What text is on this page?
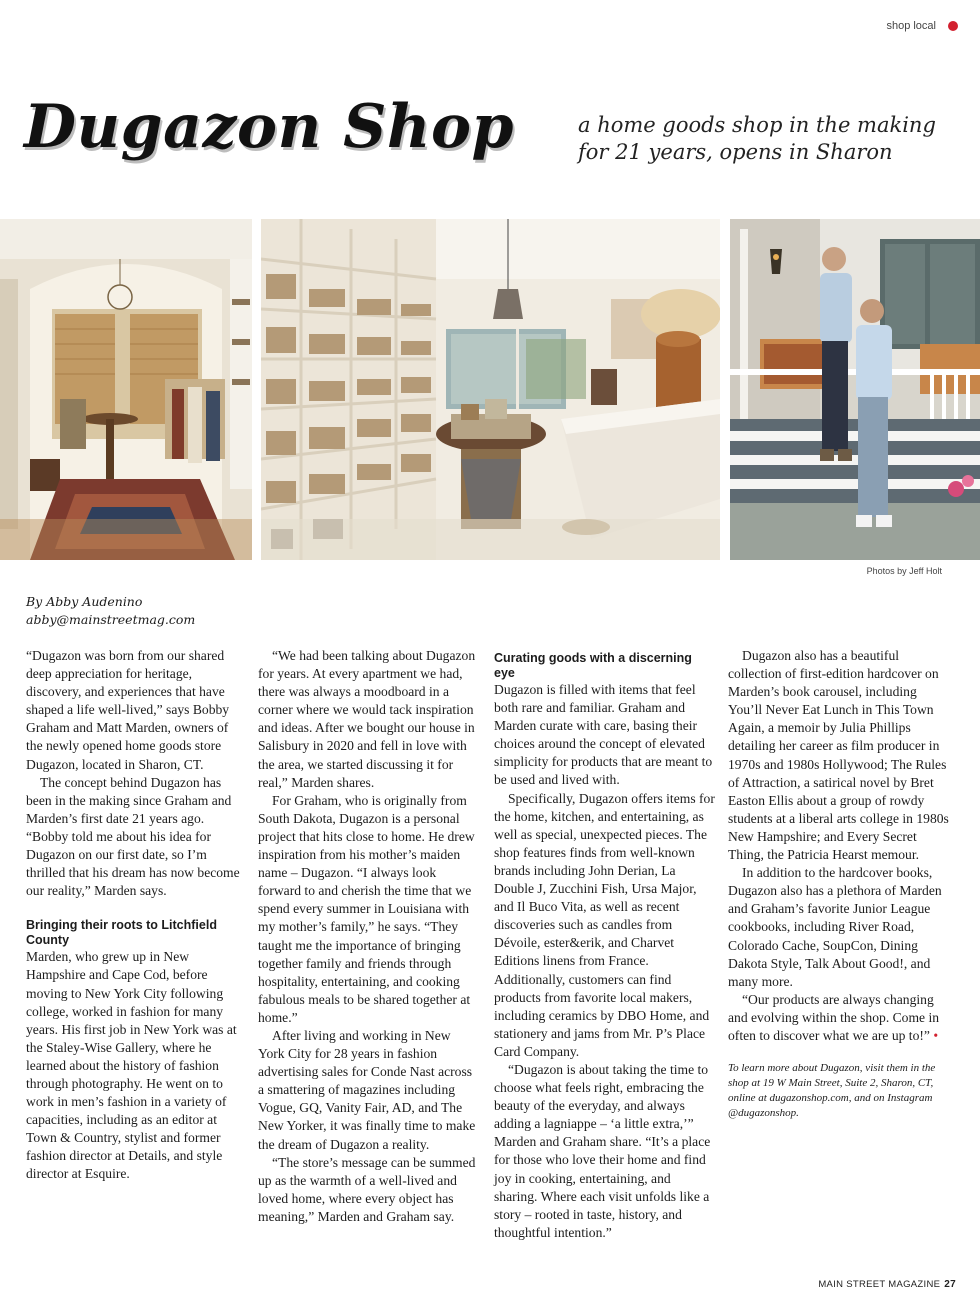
shop local
Dugazon Shop	a home goods shop in the making for 21 years, opens in Sharon
Photos by Jeff Holt
By Abby Audenino
abby@mainstreetmag.com

“Dugazon was born from our shared deep appreciation for heritage, discovery, and experiences that have shaped a life well-lived,” says Bobby Graham and Matt Marden, owners of the newly opened home goods store Dugazon, located in Sharon, CT.

The concept behind Dugazon has been in the making since Graham and Marden’s first date 21 years ago. “Bobby told me about his idea for Dugazon on our first date, so I’m thrilled that his dream has now become our reality,” Marden says.

Bringing their roots to Litchfield County

Marden, who grew up in New Hampshire and Cape Cod, before moving to New York City following college, worked in fashion for many years. His first job in New York was at the Staley-Wise Gallery, where he learned about the history of fashion through photography. He went on to work in men’s fashion in a variety of capacities, including as an editor at Town & Country, stylist and former fashion director at Details, and style director at Esquire.

“We had been talking about Dugazon for years. At every apartment we had, there was always a moodboard in a corner where we would tack inspiration and ideas. After we bought our house in Salisbury in 2020 and fell in love with the area, we started discussing it for real,” Marden shares.

For Graham, who is originally from South Dakota, Dugazon is a personal project that hits close to home. He drew inspiration from his mother’s maiden name – Dugazon. “I always look forward to and cherish the time that we spend every summer in Louisiana with my mother’s family,” he says. “They taught me the importance of bringing together family and friends through hospitality, entertaining, and cooking fabulous meals to be shared together at home.”

After living and working in New York City for 28 years in fashion advertising sales for Conde Nast across a smattering of magazines including Vogue, GQ, Vanity Fair, AD, and The New Yorker, it was finally time to make the dream of Dugazon a reality.

“The store’s message can be summed up as the warmth of a well-lived and loved home, where every object has meaning,” Marden and Graham say.

Curating goods with a discerning eye

Dugazon is filled with items that feel both rare and familiar. Graham and Marden curate with care, basing their choices around the concept of elevated simplicity for products that are meant to be used and lived with.

Specifically, Dugazon offers items for the home, kitchen, and entertaining, as well as special, unexpected pieces. The shop features finds from well-known brands including John Derian, La Double J, Zucchini Fish, Ursa Major, and Il Buco Vita, as well as recent discoveries such as candles from Dévoile, ester&erik, and Charvet Editions linens from France. Additionally, customers can find products from favorite local makers, including ceramics by DBO Home, and stationery and jams from Mr. P’s Place Card Company.

“Dugazon is about taking the time to choose what feels right, embracing the beauty of the everyday, and always adding a lagniappe – ‘a little extra,’” Marden and Graham share. “It’s a place for those who love their home and find joy in cooking, entertaining, and sharing. Where each visit unfolds like a story – rooted in taste, history, and thoughtful intention.”

Dugazon also has a beautiful collection of first-edition hardcover on Marden’s book carousel, including You’ll Never Eat Lunch in This Town Again, a memoir by Julia Phillips detailing her career as film producer in 1970s and 1980s Hollywood; The Rules of Attraction, a satirical novel by Bret Easton Ellis about a group of rowdy students at a liberal arts college in 1980s New Hampshire; and Every Secret Thing, the Patricia Hearst memour.

In addition to the hardcover books, Dugazon also has a plethora of Marden and Graham’s favorite Junior League cookbooks, including River Road, Colorado Cache, SoupCon, Dining Dakota Style, Talk About Good!, and many more.

“Our products are always changing and evolving within the shop. Come in often to discover what we are up to!” •

To learn more about Dugazon, visit them in the shop at 19 W Main Street, Suite 2, Sharon, CT, online at dugazonshop.com, and on Instagram @dugazonshop.

MAIN STREET MAGAZINE 27
